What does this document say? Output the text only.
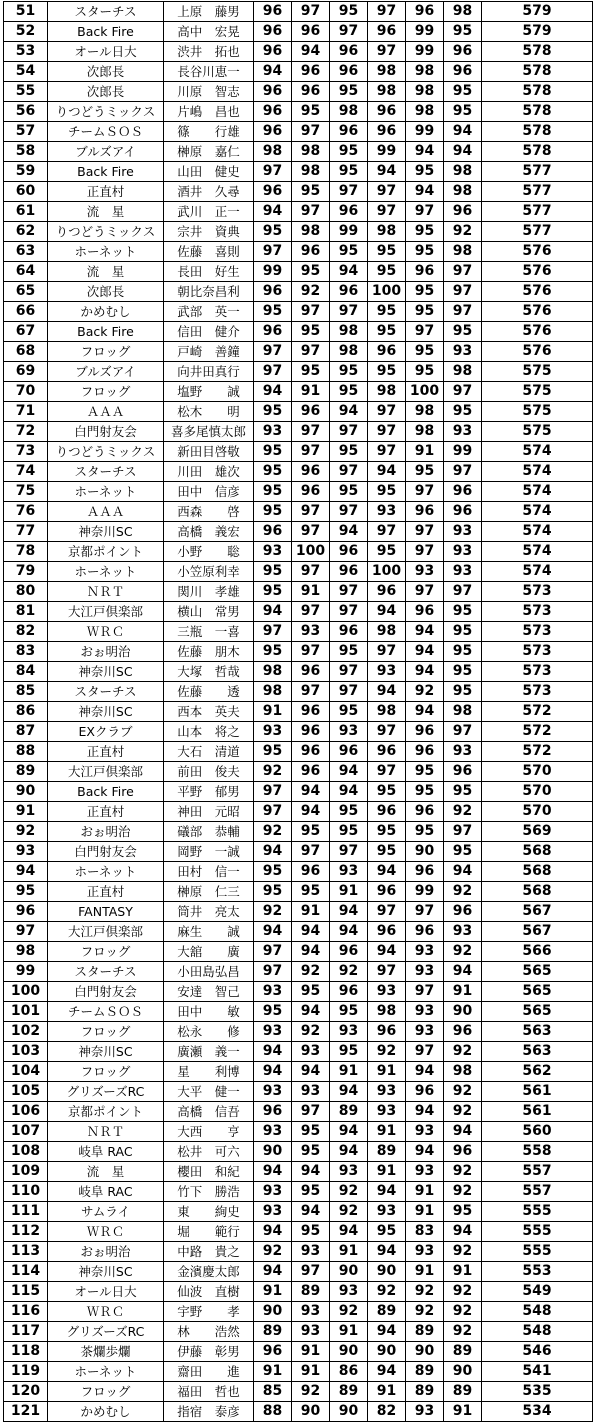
51	スターチス	上原　藤男	96	97	95	97	96	98	579
52	Back Fire	高中　宏晃	96	96	97	96	99	95	579
53	オール日大	渋井　拓也	96	94	96	97	99	96	578
54	次郎長	長谷川恵一	94	96	96	98	98	96	578
55	次郎長	川原　智志	96	96	95	98	98	95	578
56	りつどうミックス	片嶋　昌也	96	95	98	96	98	95	578
57	チームＳＯＳ	篠　　行雄	96	97	96	96	99	94	578
58	ブルズアイ	榊原　嘉仁	98	98	95	99	94	94	578
59	Back Fire	山田　健史	97	98	95	94	95	98	577
60	正直村	酒井　久尋	96	95	97	97	94	98	577
61	流　星	武川　正一	94	97	96	97	97	96	577
62	りつどうミックス	宗井　資典	95	98	99	98	95	92	577
63	ホーネット	佐藤　喜則	97	96	95	95	95	98	576
64	流　星	長田　好生	99	95	94	95	96	97	576
65	次郎長	朝比奈昌利	96	92	96	100	95	97	576
66	かめむし	武部　英一	95	97	97	95	95	97	576
67	Back Fire	信田　健介	96	95	98	95	97	95	576
68	フロッグ	戸崎　善鐘	97	97	98	96	95	93	576
69	ブルズアイ	向井田真行	97	95	95	95	95	98	575
70	フロッグ	塩野　　誠	94	91	95	98	100	97	575
71	ＡＡＡ	松木　　明	95	96	94	97	98	95	575
72	白門射友会	喜多尾慎太郎	93	97	97	97	98	93	575
73	りつどうミックス	新田目啓敬	95	97	95	97	91	99	574
74	スターチス	川田　雄次	95	96	97	94	95	97	574
75	ホーネット	田中　信彦	95	96	95	95	97	96	574
76	ＡＡＡ	西森　　啓	95	97	97	93	96	96	574
77	神奈川SC	高橋　義宏	96	97	94	97	97	93	574
78	京都ポイント	小野　　聡	93	100	96	95	97	93	574
79	ホーネット	小笠原利幸	95	97	96	100	93	93	574
80	ＮＲＴ	関川　孝雄	95	91	97	96	97	97	573
81	大江戸倶楽部	横山　常男	94	97	97	94	96	95	573
82	ＷＲＣ	三瓶　一喜	97	93	96	98	94	95	573
83	おぉ明治	佐藤　朋木	95	97	95	97	94	95	573
84	神奈川SC	大塚　哲哉	98	96	97	93	94	95	573
85	スターチス	佐藤　　透	98	97	97	94	92	95	573
86	神奈川SC	西本　英夫	91	96	95	98	94	98	572
87	EXクラブ	山本　将之	93	96	93	97	96	97	572
88	正直村	大石　清道	95	96	96	96	96	93	572
89	大江戸倶楽部	前田　俊夫	92	96	94	97	95	96	570
90	Back Fire	平野　郁男	97	94	94	95	95	95	570
91	正直村	神田　元昭	97	94	95	96	96	92	570
92	おぉ明治	礒部　恭輔	92	95	95	95	95	97	569
93	白門射友会	岡野　一誠	94	97	97	95	90	95	568
94	ホーネット	田村　信一	95	96	93	94	96	94	568
95	正直村	榊原　仁三	95	95	91	96	99	92	568
96	FANTASY	筒井　亮太	92	91	94	97	97	96	567
97	大江戸倶楽部	麻生　　誠	94	94	94	96	96	93	567
98	フロッグ	大舘　　廣	97	94	96	94	93	92	566
99	スターチス	小田島弘昌	97	92	92	97	93	94	565
100	白門射友会	安達　智己	93	95	96	93	97	91	565
101	チームＳＯＳ	田中　　敏	95	94	95	98	93	90	565
102	フロッグ	松永　　修	93	92	93	96	93	96	563
103	神奈川SC	廣瀬　義一	94	93	95	92	97	92	563
104	フロッグ	星　　利博	94	94	91	91	94	98	562
105	グリズーズRC	大平　健一	93	93	94	93	96	92	561
106	京都ポイント	高橋　信吾	96	97	89	93	94	92	561
107	ＮＲＴ	大西　　亨	93	95	94	91	93	94	560
108	岐阜 RAC	松井　可六	90	95	94	89	94	96	558
109	流　星	櫻田　和紀	94	94	93	91	93	92	557
110	岐阜 RAC	竹下　勝浩	93	95	92	94	91	92	557
111	サムライ	東　　絢史	93	94	92	93	91	95	555
112	ＷＲＣ	堀　　範行	94	95	94	95	83	94	555
113	おぉ明治	中路　貴之	92	93	91	94	93	92	555
114	神奈川SC	金濱慶太郎	94	97	90	90	91	91	553
115	オール日大	仙波　直樹	91	89	93	92	92	92	549
116	ＷＲＣ	宇野　　孝	90	93	92	89	92	92	548
117	グリズーズRC	林　　浩然	89	93	91	94	89	92	548
118	茶爛歩爛	伊藤　彰男	96	91	90	90	90	89	546
119	ホーネット	齋田　　進	91	91	86	94	89	90	541
120	フロッグ	福田　哲也	85	92	89	91	89	89	535
121	かめむし	指宿　泰彦	88	90	90	82	93	91	534
